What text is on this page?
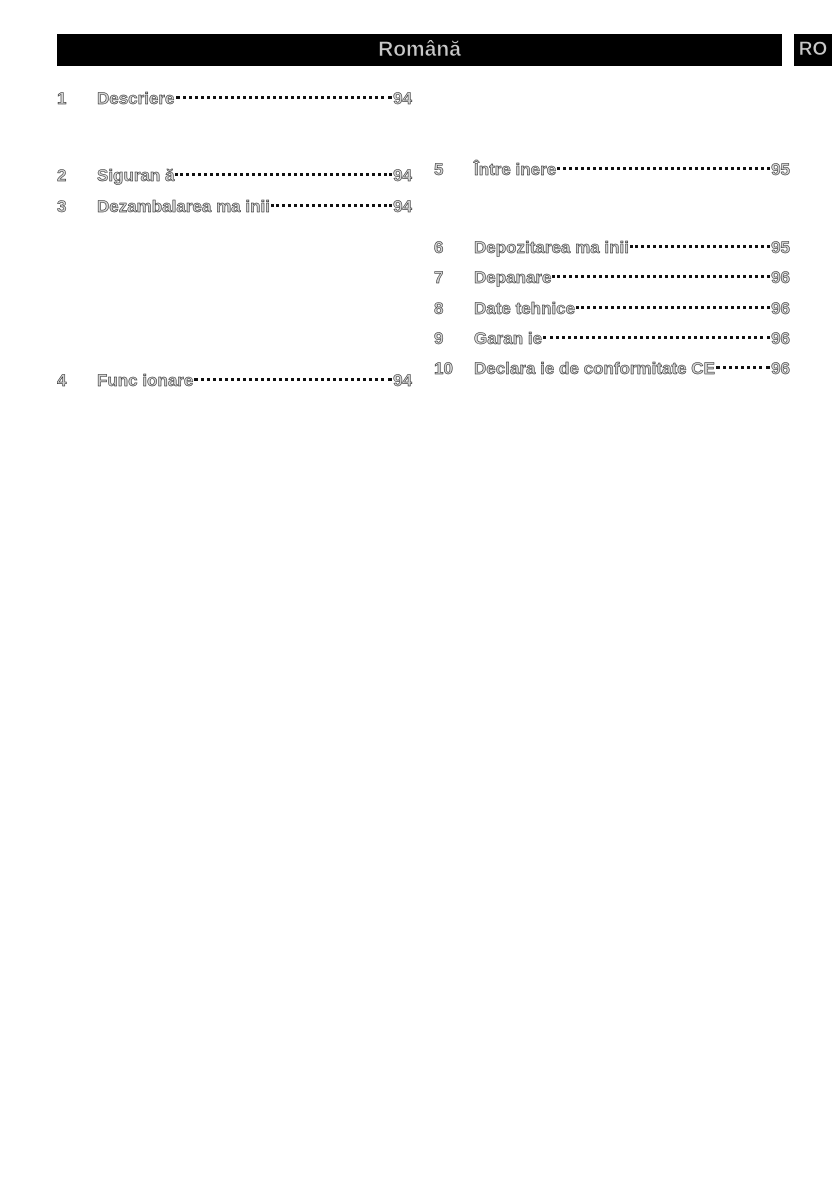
Română	RO
1	Descriere	94
2	Siguran ă	94
3	Dezambalarea ma inii	94
4	Func ionare	94
5	Între inere	95
6	Depozitarea ma inii	95
7	Depanare	96
8	Date tehnice	96
9	Garan ie	96
10	Declara ie de conformitate CE	96
